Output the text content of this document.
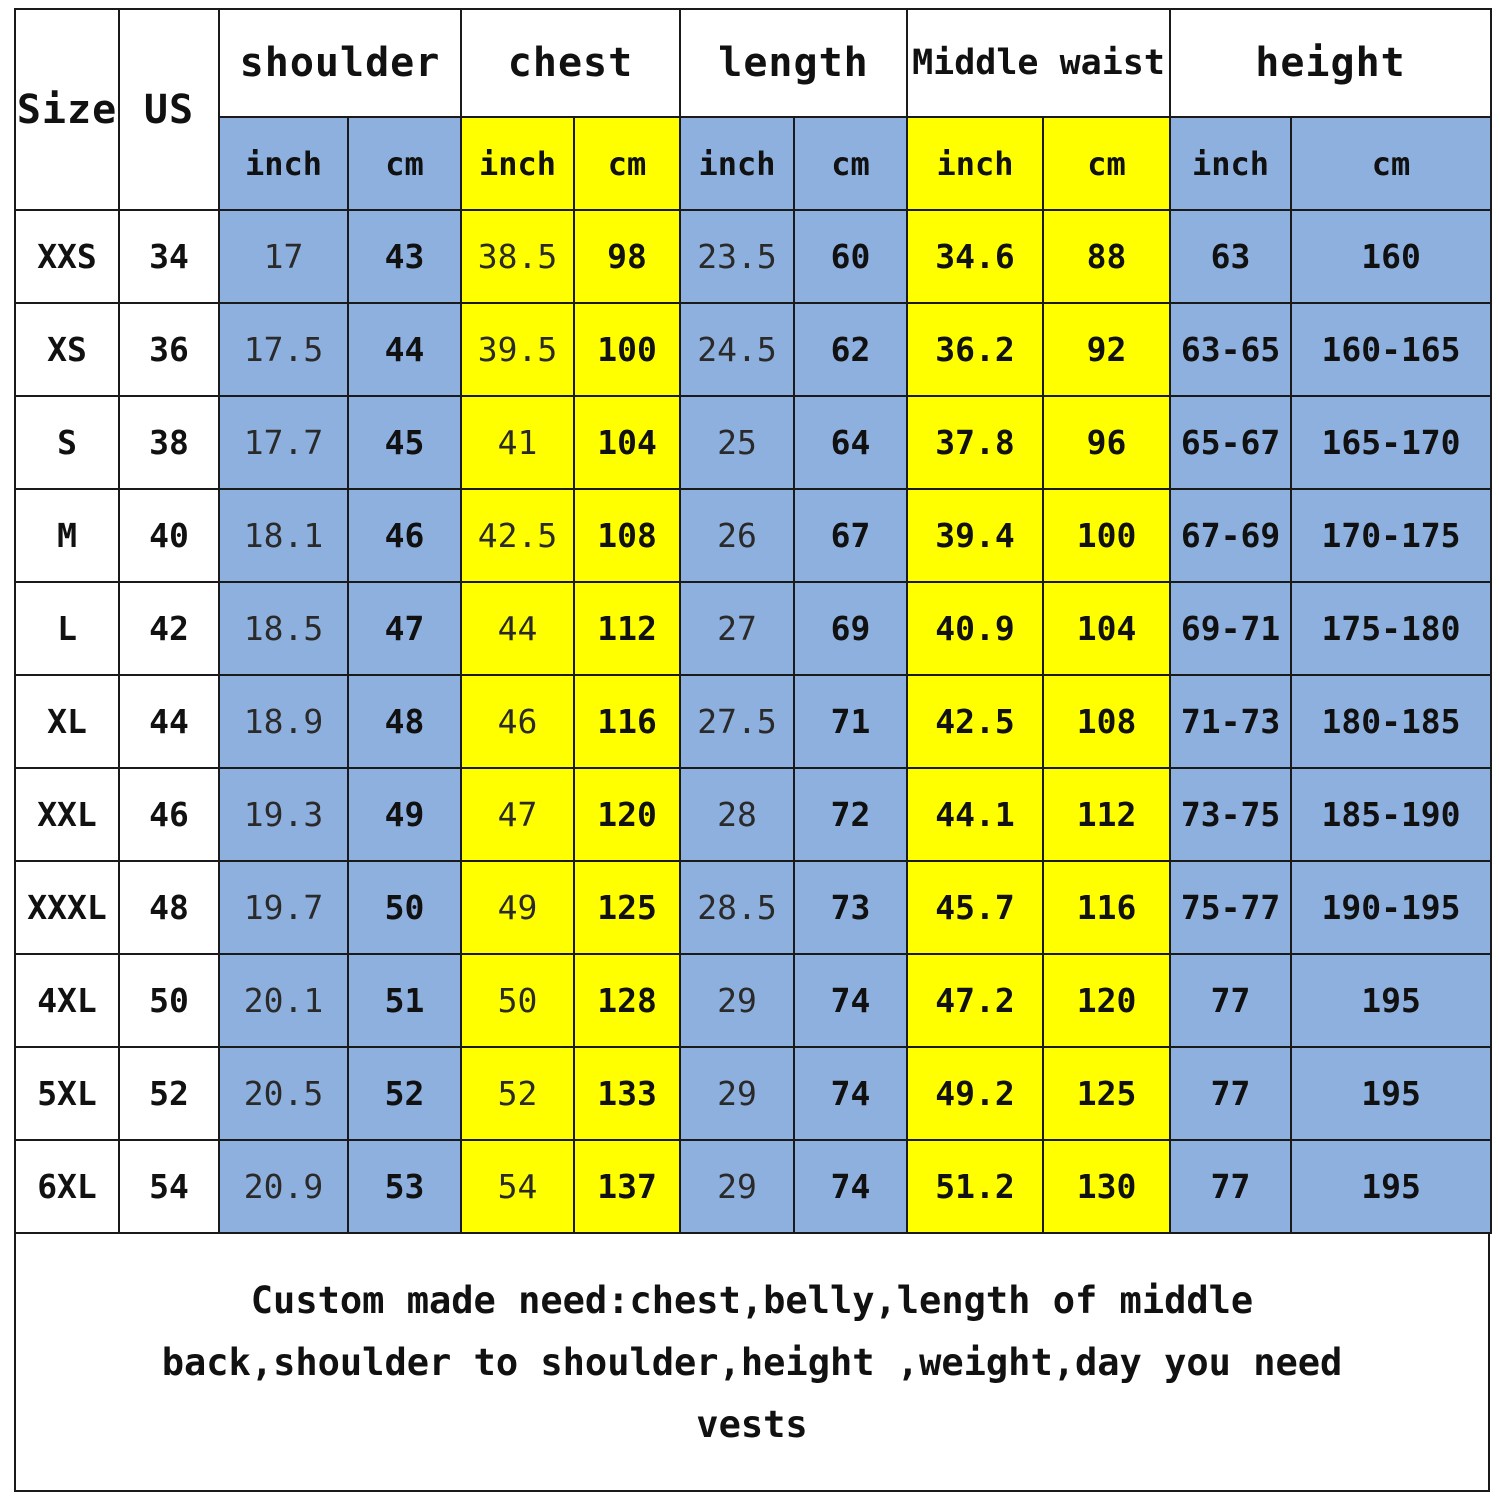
Size	US	shoulder		chest		length		Middle waist		height	
		inch	cm	inch	cm	inch	cm	inch	cm	inch	cm
XXS	34	17	43	38.5	98	23.5	60	34.6	88	63	160
XS	36	17.5	44	39.5	100	24.5	62	36.2	92	63-65	160-165
S	38	17.7	45	41	104	25	64	37.8	96	65-67	165-170
M	40	18.1	46	42.5	108	26	67	39.4	100	67-69	170-175
L	42	18.5	47	44	112	27	69	40.9	104	69-71	175-180
XL	44	18.9	48	46	116	27.5	71	42.5	108	71-73	180-185
XXL	46	19.3	49	47	120	28	72	44.1	112	73-75	185-190
XXXL	48	19.7	50	49	125	28.5	73	45.7	116	75-77	190-195
4XL	50	20.1	51	50	128	29	74	47.2	120	77	195
5XL	52	20.5	52	52	133	29	74	49.2	125	77	195
6XL	54	20.9	53	54	137	29	74	51.2	130	77	195

Custom made need:chest,belly,length of middle
back,shoulder to shoulder,height ,weight,day you need
vests
